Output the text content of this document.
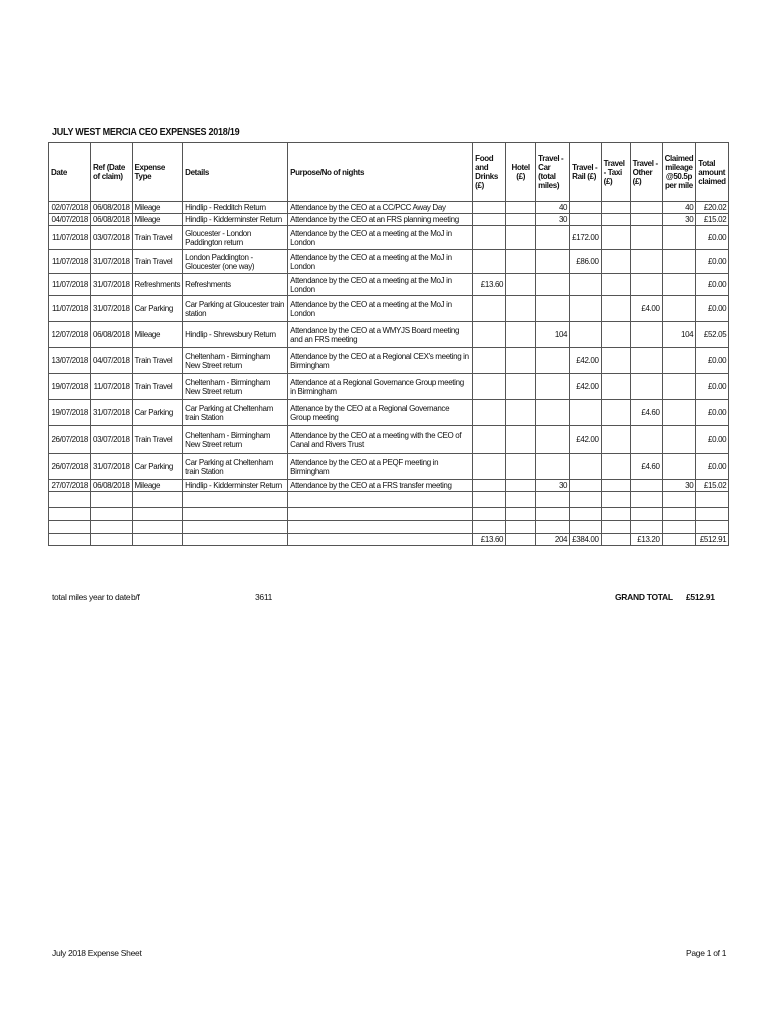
JULY WEST MERCIA CEO EXPENSES 2018/19
Date	Ref (Date of claim)	Expense Type	Details	Purpose/No of nights	Food and Drinks (£)	Hotel (£)	Travel - Car (total miles)	Travel - Rail (£)	Travel - Taxi (£)	Travel - Other (£)	Claimed mileage @50.5p per mile	Total amount claimed
02/07/2018	06/08/2018	Mileage	Hindlip - Redditch Return	Attendance by the CEO at a CC/PCC Away Day			40				40	£20.02
04/07/2018	06/08/2018	Mileage	Hindlip - Kidderminster Return	Attendance by the CEO at an FRS planning meeting			30				30	£15.02
11/07/2018	03/07/2018	Train Travel	Gloucester - London Paddington return	Attendance by the CEO at a meeting at the MoJ in London				£172.00				£0.00
11/07/2018	31/07/2018	Train Travel	London Paddington - Gloucester (one way)	Attendance by the CEO at a meeting at the MoJ in London				£86.00				£0.00
11/07/2018	31/07/2018	Refreshments	Refreshments	Attendance by the CEO at a meeting at the MoJ in London	£13.60							£0.00
11/07/2018	31/07/2018	Car Parking	Car Parking at Gloucester train station	Attendance by the CEO at a meeting at the MoJ in London						£4.00		£0.00
12/07/2018	06/08/2018	Mileage	Hindlip - Shrewsbury Return	Attendance by the CEO at a WMYJS Board meeting and an FRS meeting			104				104	£52.05
13/07/2018	04/07/2018	Train Travel	Cheltenham - Birmingham New Street return	Attendance by the CEO at a Regional CEX's meeting in Birmingham				£42.00				£0.00
19/07/2018	11/07/2018	Train Travel	Cheltenham - Birmingham New Street return	Attendance at a Regional Governance Group meeting in Birmingham				£42.00				£0.00
19/07/2018	31/07/2018	Car Parking	Car Parking at Cheltenham train Station	Attenance by the CEO at a Regional Governance Group meeting						£4.60		£0.00
26/07/2018	03/07/2018	Train Travel	Cheltenham - Birmingham New Street return	Attendance by the CEO at a meeting with the CEO of Canal and Rivers Trust				£42.00				£0.00
26/07/2018	31/07/2018	Car Parking	Car Parking at Cheltenham train Station	Attendance by the CEO at a PEQF meeting in Birmingham						£4.60		£0.00
27/07/2018	06/08/2018	Mileage	Hindlip - Kidderminster Return	Attendance by the CEO at a FRS transfer meeting			30				30	£15.02

					£13.60		204	£384.00		£13.20		£512.91
total miles year to date b/f	3611	GRAND TOTAL £512.91
July 2018 Expense Sheet	Page 1 of 1
